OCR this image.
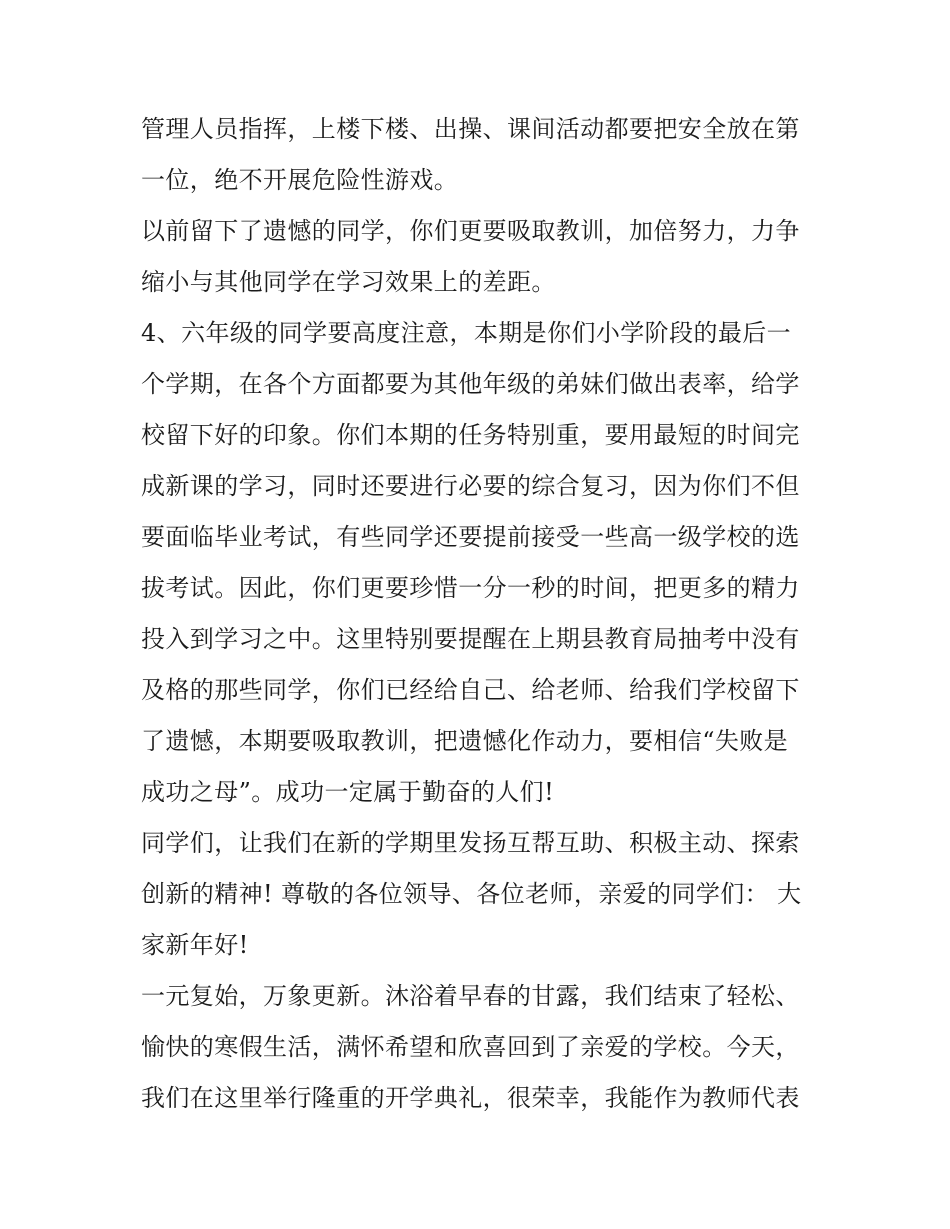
管理人员指挥，上楼下楼、出操、课间活动都要把安全放在第
一位，绝不开展危险性游戏。

以前留下了遗憾的同学，你们更要吸取教训，加倍努力，力争
缩小与其他同学在学习效果上的差距。

4、六年级的同学要高度注意，本期是你们小学阶段的最后一
个学期，在各个方面都要为其他年级的弟妹们做出表率，给学
校留下好的印象。你们本期的任务特别重，要用最短的时间完
成新课的学习，同时还要进行必要的综合复习，因为你们不但
要面临毕业考试，有些同学还要提前接受一些高一级学校的选
拔考试。因此，你们更要珍惜一分一秒的时间，把更多的精力
投入到学习之中。这里特别要提醒在上期县教育局抽考中没有
及格的那些同学，你们已经给自己、给老师、给我们学校留下
了遗憾，本期要吸取教训，把遗憾化作动力，要相信“失败是
成功之母”。成功一定属于勤奋的人们!

同学们，让我们在新的学期里发扬互帮互助、积极主动、探索
创新的精神! 尊敬的各位领导、各位老师，亲爱的同学们： 大
家新年好!

一元复始，万象更新。沐浴着早春的甘露，我们结束了轻松、
愉快的寒假生活，满怀希望和欣喜回到了亲爱的学校。今天，
我们在这里举行隆重的开学典礼，很荣幸，我能作为教师代表
